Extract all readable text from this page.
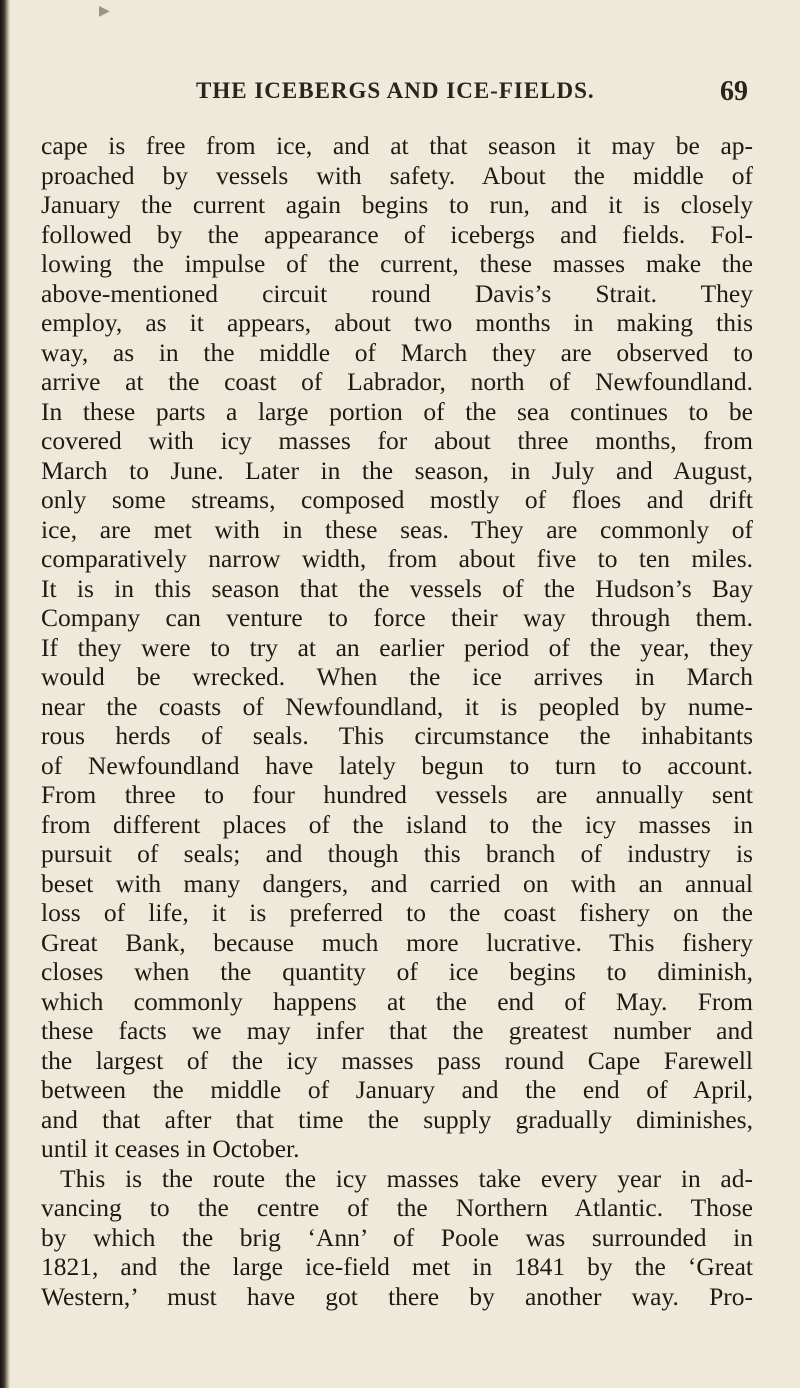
▶
THE ICEBERGS AND ICE-FIELDS.	69
cape is free from ice, and at that season it may be ap-
proached by vessels with safety. About the middle of
January the current again begins to run, and it is closely
followed by the appearance of icebergs and fields. Fol-
lowing the impulse of the current, these masses make the
above-mentioned circuit round Davis’s Strait. They
employ, as it appears, about two months in making this
way, as in the middle of March they are observed to
arrive at the coast of Labrador, north of Newfoundland.
In these parts a large portion of the sea continues to be
covered with icy masses for about three months, from
March to June. Later in the season, in July and August,
only some streams, composed mostly of floes and drift
ice, are met with in these seas. They are commonly of
comparatively narrow width, from about five to ten miles.
It is in this season that the vessels of the Hudson’s Bay
Company can venture to force their way through them.
If they were to try at an earlier period of the year, they
would be wrecked. When the ice arrives in March
near the coasts of Newfoundland, it is peopled by nume-
rous herds of seals. This circumstance the inhabitants
of Newfoundland have lately begun to turn to account.
From three to four hundred vessels are annually sent
from different places of the island to the icy masses in
pursuit of seals; and though this branch of industry is
beset with many dangers, and carried on with an annual
loss of life, it is preferred to the coast fishery on the
Great Bank, because much more lucrative. This fishery
closes when the quantity of ice begins to diminish,
which commonly happens at the end of May. From
these facts we may infer that the greatest number and
the largest of the icy masses pass round Cape Farewell
between the middle of January and the end of April,
and that after that time the supply gradually diminishes,
until it ceases in October.
This is the route the icy masses take every year in ad-
vancing to the centre of the Northern Atlantic. Those
by which the brig ‘Ann’ of Poole was surrounded in
1821, and the large ice-field met in 1841 by the ‘Great
Western,’ must have got there by another way. Pro-
